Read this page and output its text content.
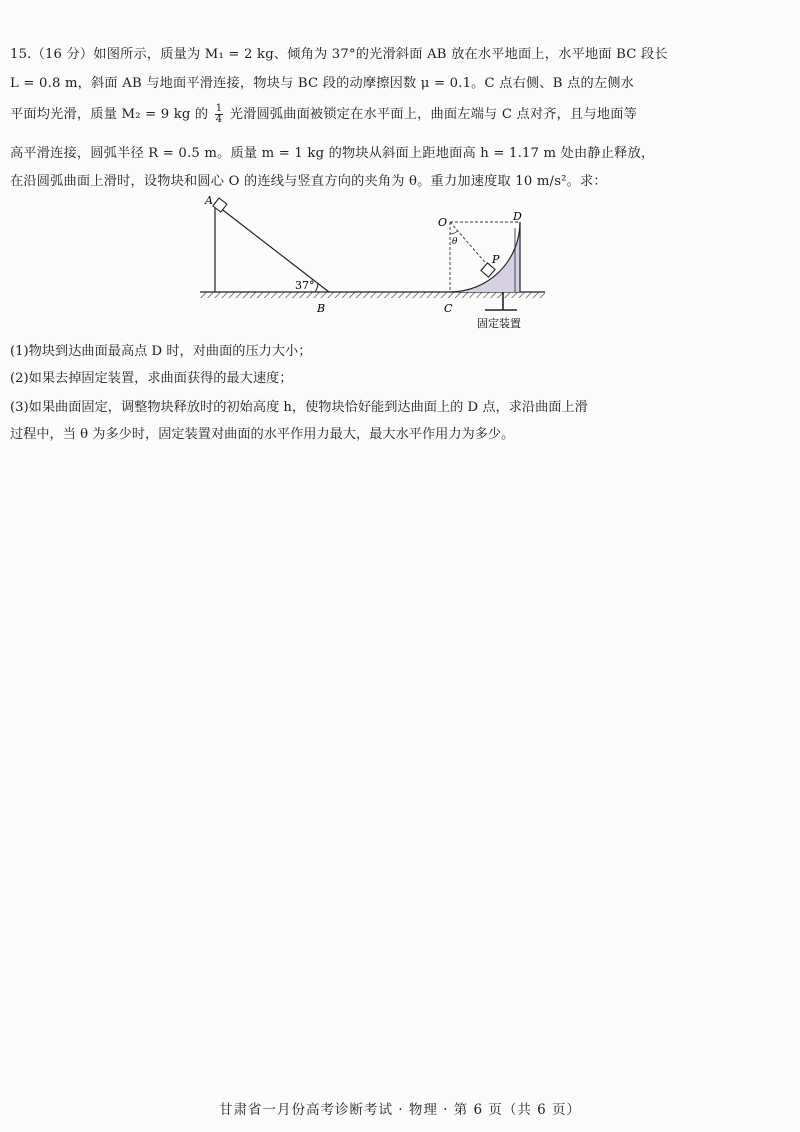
15.（16 分）如图所示，质量为 M₁ = 2 kg、倾角为 37°的光滑斜面 AB 放在水平地面上，水平地面 BC 段长
L = 0.8 m，斜面 AB 与地面平滑连接，物块与 BC 段的动摩擦因数 μ = 0.1。C 点右侧、B 点的左侧水
平面均光滑，质量 M₂ = 9 kg 的 $\frac{1}{4}$ 光滑圆弧曲面被锁定在水平面上，曲面左端与 C 点对齐，且与地面等
高平滑连接，圆弧半径 R = 0.5 m。质量 m = 1 kg 的物块从斜面上距地面高 h = 1.17 m 处由静止释放，
在沿圆弧曲面上滑时，设物块和圆心 O 的连线与竖直方向的夹角为 θ。重力加速度取 10 m/s²。求：
A
37°
B
O	D
θ
P
C
固定装置
(1)物块到达曲面最高点 D 时，对曲面的压力大小；
(2)如果去掉固定装置，求曲面获得的最大速度；
(3)如果曲面固定，调整物块释放时的初始高度 h，使物块恰好能到达曲面上的 D 点，求沿曲面上滑
过程中，当 θ 为多少时，固定装置对曲面的水平作用力最大，最大水平作用力为多少。
甘肃省一月份高考诊断考试 · 物理 · 第 6 页（共 6 页）
